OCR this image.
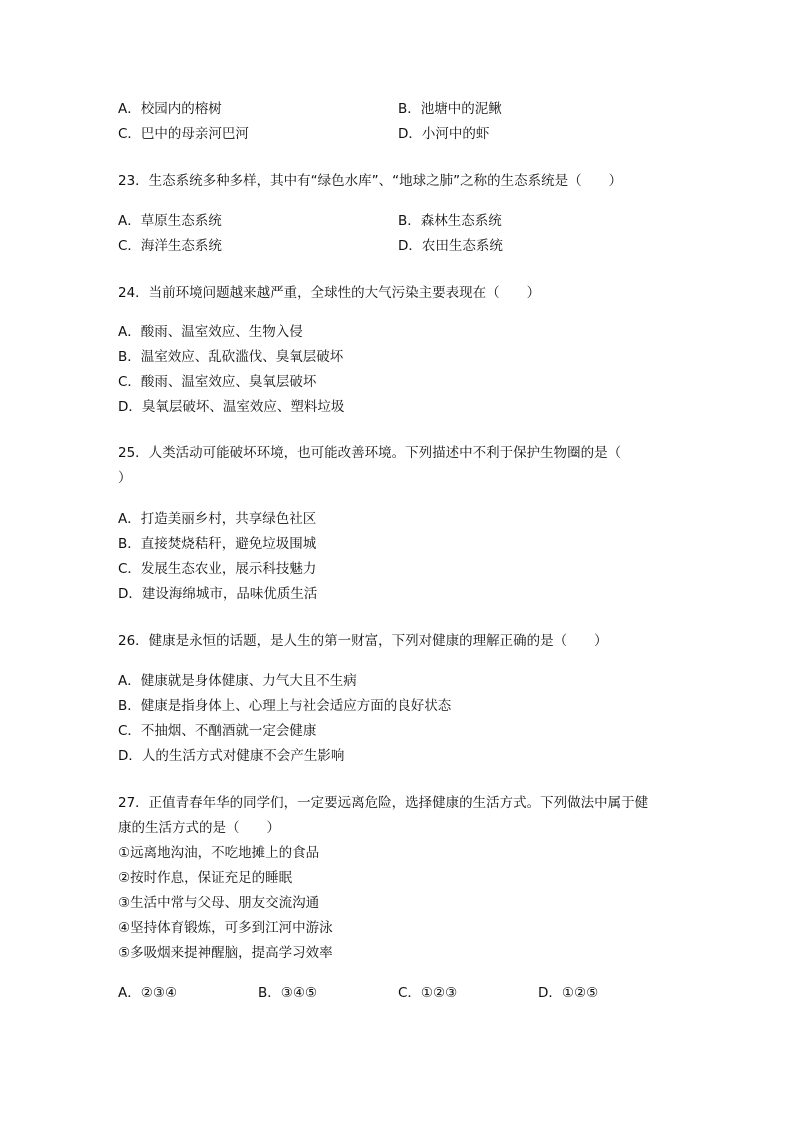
A．校园内的榕树	B．池塘中的泥鳅
C．巴中的母亲河巴河	D．小河中的虾
23．生态系统多种多样，其中有“绿色水库”、“地球之肺”之称的生态系统是（　　）
A．草原生态系统	B．森林生态系统
C．海洋生态系统	D．农田生态系统
24．当前环境问题越来越严重，全球性的大气污染主要表现在（　　）
A．酸雨、温室效应、生物入侵
B．温室效应、乱砍滥伐、臭氧层破坏
C．酸雨、温室效应、臭氧层破坏
D．臭氧层破坏、温室效应、塑料垃圾
25．人类活动可能破坏环境，也可能改善环境。下列描述中不利于保护生物圈的是（
）
A．打造美丽乡村，共享绿色社区
B．直接焚烧秸秆，避免垃圾围城
C．发展生态农业，展示科技魅力
D．建设海绵城市，品味优质生活
26．健康是永恒的话题，是人生的第一财富，下列对健康的理解正确的是（　　）
A．健康就是身体健康、力气大且不生病
B．健康是指身体上、心理上与社会适应方面的良好状态
C．不抽烟、不酗酒就一定会健康
D．人的生活方式对健康不会产生影响
27．正值青春年华的同学们，一定要远离危险，选择健康的生活方式。下列做法中属于健
康的生活方式的是（　　）
①远离地沟油，不吃地摊上的食品
②按时作息，保证充足的睡眠
③生活中常与父母、朋友交流沟通
④坚持体育锻炼，可多到江河中游泳
⑤多吸烟来提神醒脑，提高学习效率
A．②③④	B．③④⑤	C．①②③	D．①②⑤
